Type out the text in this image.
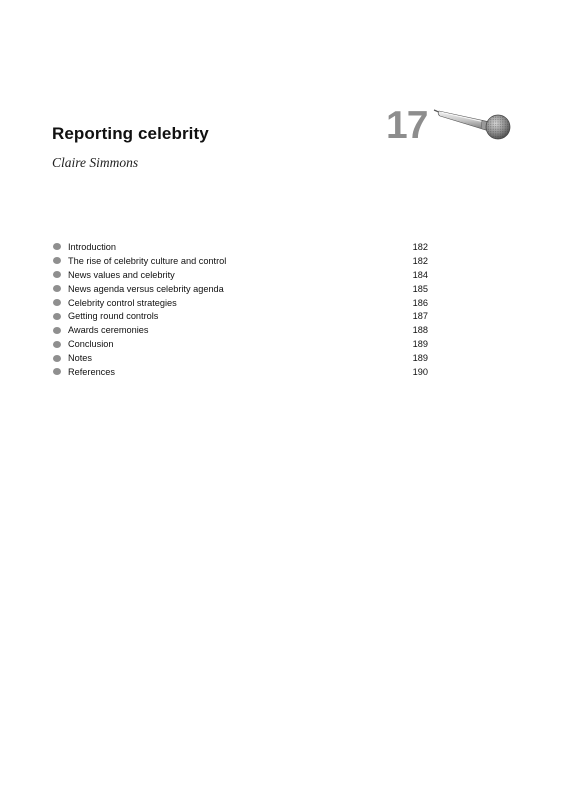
Reporting celebrity
Claire Simmons
17
Introduction	182
The rise of celebrity culture and control	182
News values and celebrity	184
News agenda versus celebrity agenda	185
Celebrity control strategies	186
Getting round controls	187
Awards ceremonies	188
Conclusion	189
Notes	189
References	190
